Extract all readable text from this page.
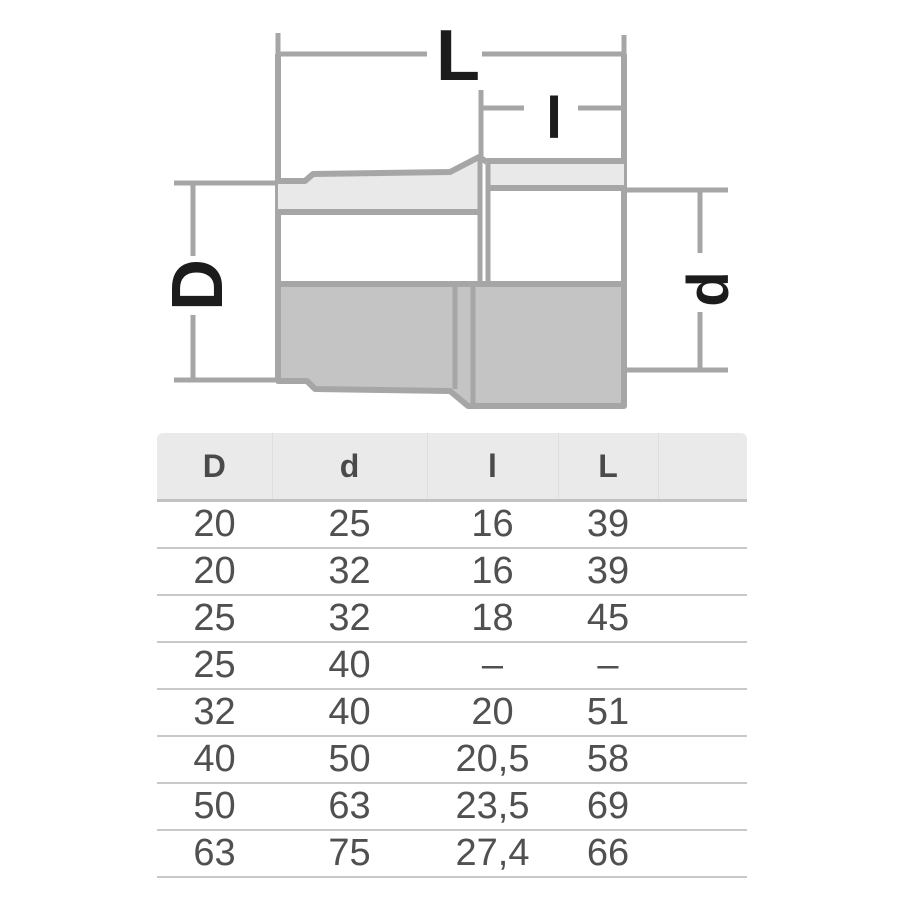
L
l
D	d
D	d	l	L	
20	25	16	39	
20	32	16	39	
25	32	18	45	
25	40	–	–	
32	40	20	51	
40	50	20,5	58	
50	63	23,5	69	
63	75	27,4	66	
